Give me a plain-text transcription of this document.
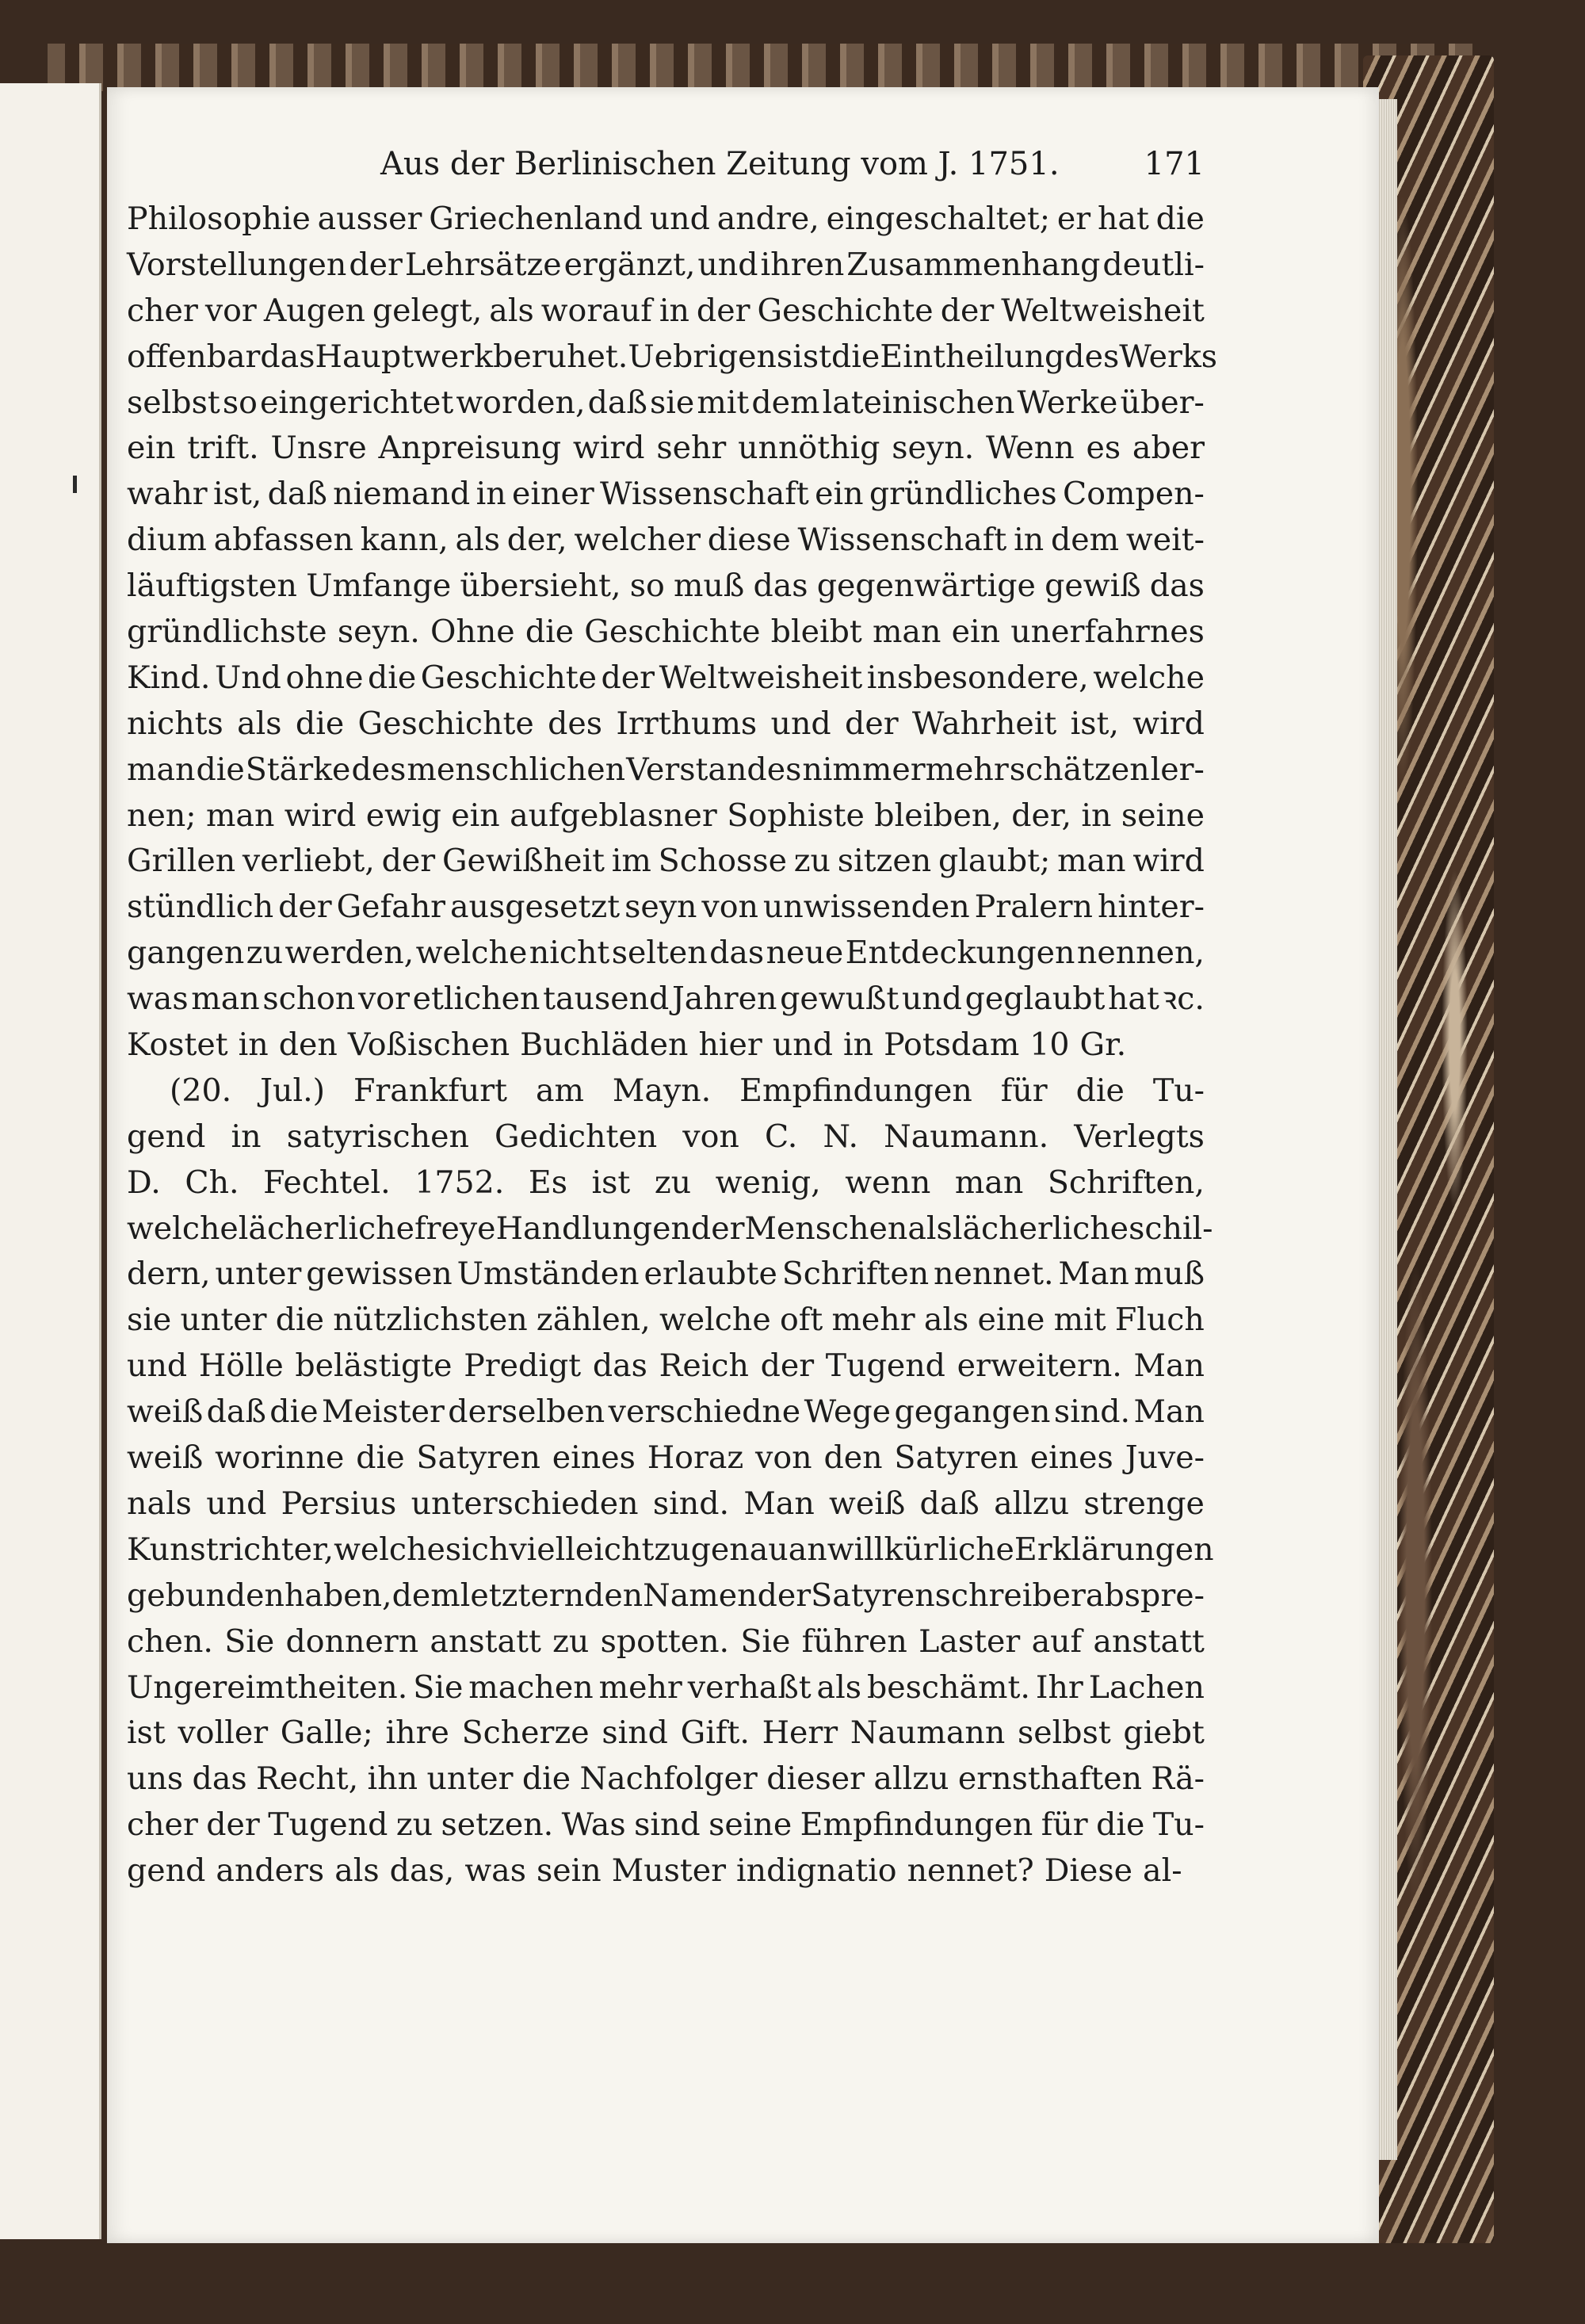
Aus der Berlinischen Zeitung vom J. 1751.	171
Philosophie ausser Griechenland und andre, eingeschaltet; er hat die
Vorstellungen der Lehrsätze ergänzt, und ihren Zusammenhang deutli-
cher vor Augen gelegt, als worauf in der Geschichte der Weltweisheit
offenbar das Hauptwerk beruhet. Uebrigens ist die Eintheilung des Werks
selbst so eingerichtet worden, daß sie mit dem lateinischen Werke über-
ein trift. Unsre Anpreisung wird sehr unnöthig seyn. Wenn es aber
wahr ist, daß niemand in einer Wissenschaft ein gründliches Compen-
dium abfassen kann, als der, welcher diese Wissenschaft in dem weit-
läuftigsten Umfange übersieht, so muß das gegenwärtige gewiß das
gründlichste seyn. Ohne die Geschichte bleibt man ein unerfahrnes
Kind. Und ohne die Geschichte der Weltweisheit insbesondere, welche
nichts als die Geschichte des Irrthums und der Wahrheit ist, wird
man die Stärke des menschlichen Verstandes nimmermehr schätzen ler-
nen; man wird ewig ein aufgeblasner Sophiste bleiben, der, in seine
Grillen verliebt, der Gewißheit im Schosse zu sitzen glaubt; man wird
stündlich der Gefahr ausgesetzt seyn von unwissenden Pralern hinter-
gangen zu werden, welche nicht selten das neue Entdeckungen nennen,
was man schon vor etlichen tausend Jahren gewußt und geglaubt hat ꝛc.
Kostet in den Voßischen Buchläden hier und in Potsdam 10 Gr.
(20. Jul.) Frankfurt am Mayn. Empfindungen für die Tu-
gend in satyrischen Gedichten von C. N. Naumann. Verlegts
D. Ch. Fechtel. 1752. Es ist zu wenig, wenn man Schriften,
welche lächerliche freye Handlungen der Menschen als lächerliche schil-
dern, unter gewissen Umständen erlaubte Schriften nennet. Man muß
sie unter die nützlichsten zählen, welche oft mehr als eine mit Fluch
und Hölle belästigte Predigt das Reich der Tugend erweitern. Man
weiß daß die Meister derselben verschiedne Wege gegangen sind. Man
weiß worinne die Satyren eines Horaz von den Satyren eines Juve-
nals und Persius unterschieden sind. Man weiß daß allzu strenge
Kunstrichter, welche sich vielleicht zu genau an willkürliche Erklärungen
gebunden haben, dem letztern den Namen der Satyrenschreiber abspre-
chen. Sie donnern anstatt zu spotten. Sie führen Laster auf anstatt
Ungereimtheiten. Sie machen mehr verhaßt als beschämt. Ihr Lachen
ist voller Galle; ihre Scherze sind Gift. Herr Naumann selbst giebt
uns das Recht, ihn unter die Nachfolger dieser allzu ernsthaften Rä-
cher der Tugend zu setzen. Was sind seine Empfindungen für die Tu-
gend anders als das, was sein Muster indignatio nennet? Diese al-
